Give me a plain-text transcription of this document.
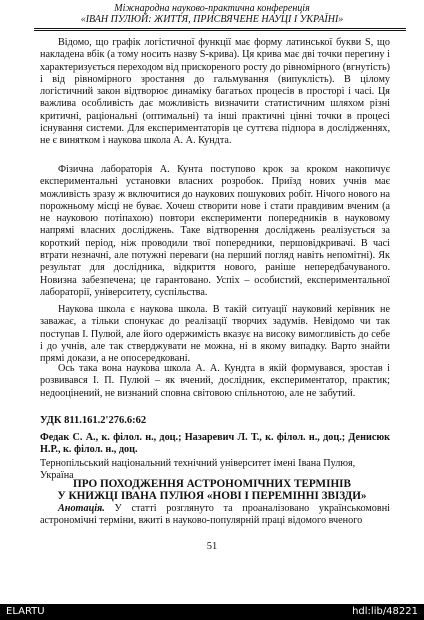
Міжнародна науково-практична конференція
«ІВАН ПУЛЮЙ: ЖИТТЯ, ПРИСВЯЧЕНЕ НАУЦІ І УКРАЇНІ»

Відомо, що графік логістичної функції має форму латинської букви S, що накладена вбік (а тому носить назву S-крива). Ця крива має дві точки перегину і характеризується переходом від прискореного росту до рівномірного (вгнутість) і від рівномірного зростання до гальмування (випуклість). В цілому логістичний закон відтворює динаміку багатьох процесів в просторі і часі. Ця важлива особливість дає можливість визначити статистичним шляхом різні критичні, раціональні (оптимальні) та інші практичні цінні точки в процесі існування системи. Для експериментаторів це суттєва підпора в дослідженнях, не є винятком і наукова школа А. А. Кундта.

Фізична лабораторія А. Кунта поступово крок за кроком накопичує експериментальні установки власних розробок. Приїзд нових учнів має можливість зразу ж включитися до наукових пошукових робіт. Нічого нового на порожньому місці не буває. Хочеш створити нове і стати правдивим вченим (а не науковою потіпахою) повтори експерименти попередників в науковому напрямі власних досліджень. Таке відтворення досліджень реалізується за короткий період, ніж проводили твої попередники, першовідкривачі. В часі втрати незначні, але потужні переваги (на перший погляд навіть непомітні). Як результат для дослідника, відкриття нового, раніше непередбачуваного. Новизна забезпечена; це гарантовано. Успіх – особистий, експериментальної лабораторії, університету, суспільства.

Наукова школа є наукова школа. В такій ситуації науковий керівник не заважає, а тільки спонукає до реалізації творчих задумів. Невідомо чи так поступав І. Пулюй, але його одержимість вказує на високу вимогливість до себе і до учнів, але так стверджувати не можна, ні в якому випадку. Варто знайти прямі докази, а не опосередковані.

Ось така вона наукова школа А. А. Кундта в якій формувався, зростав і розвивався І. П. Пулюй – як вчений, дослідник, експериментатор, практик; недооцінений, не визнаний сповна світовою спільнотою, але не забутий.

УДК 811.161.2'276.6:62

Федак С. А., к. філол. н., доц.; Назаревич Л. Т., к. філол. н., доц.; Денисюк Н.Р., к. філол. н., доц.

Тернопільський національний технічний університет імені Івана Пулюя, Україна

ПРО ПОХОДЖЕННЯ АСТРОНОМІЧНИХ ТЕРМІНІВ
У КНИЖЦІ ІВАНА ПУЛЮЯ «НОВІ І ПЕРЕМІННІ ЗВІЗДИ»

Анотація. У статті розглянуто та проаналізовано українськомовні астрономічні терміни, вжиті в науково-популярній праці відомого вченого

51
ELARTU	hdl:lib/48221
